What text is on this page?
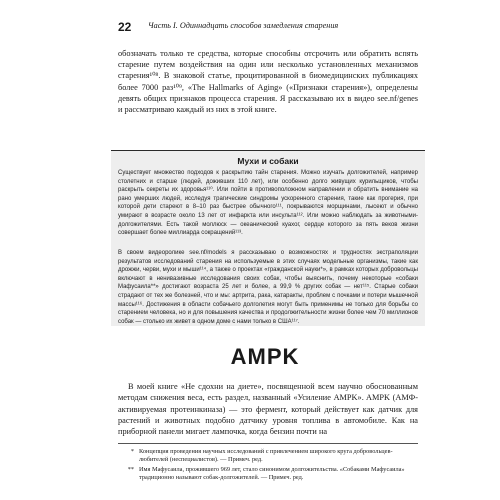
22 Часть I. Одиннадцать способов замедления старения

обозначать только те средства, которые способны отсрочить или обратить вспять старение путем воздействия на один или несколько установленных механизмов старения¹⁰⁸. В знаковой статье, процитированной в биомедицинских публикациях более 7000 раз¹⁰⁹, «The Hallmarks of Aging» («Признаки старения»), определены девять общих признаков процесса старения. Я рассказываю их в видео see.nf/genes и рассматриваю каждый из них в этой книге.

Мухи и собаки

Существует множество подходов к раскрытию тайн старения. Можно изучать долгожителей, например столетних и старше (людей, доживших 110 лет), или особенно долго живущих курильщиков, чтобы раскрыть секреты их здоровья¹¹⁰. Или пойти в противоположном направлении и обратить внимание на рано умерших людей, исследуя трагические синдромы ускоренного старения, такие как прогерия, при которой дети стареют в 8–10 раз быстрее обычного¹¹¹, покрываются морщинами, лысеют и обычно умирают в возрасте около 13 лет от инфаркта или инсульта¹¹². Или можно наблюдать за животными-долгожителями. Есть такой моллюск — океанический куахог, сердце которого за пять веков жизни совершает более миллиарда сокращений¹¹³.

В своем видеоролике see.nf/models я рассказываю о возможностях и трудностях экстраполяции результатов исследований старения на используемые в этих случаях модельные организмы, такие как дрожжи, черви, мухи и мыши¹¹⁴, а также о проектах «гражданской науки*», в рамках которых добровольцы включают в ненивазивные исследования своих собак, чтобы выяснить, почему некоторые «собаки Мафусаила**» достигают возраста 25 лет и более, а 99,9 % других собак — нет¹¹⁵. Старые собаки страдают от тех же болезней, что и мы: артрита, рака, катаракты, проблем с почками и потери мышечной массы¹¹⁶. Достижения в области собачьего долголетия могут быть применимы не только для борьбы со старением человека, но и для повышения качества и продолжительности жизни более чем 70 миллионов собак — столько их живет в одном доме с нами только в США¹¹⁷.

AMPK

В моей книге «Не сдохни на диете», посвященной всем научно обоснованным методам снижения веса, есть раздел, названный «Усиление AMPK». AMPK (АМФ-активируемая протеинкиназа) — это фермент, который действует как датчик для растений и животных подобно датчику уровня топлива в автомобиле. Как на приборной панели мигает лампочка, когда бензин почти на

* Концепция проведения научных исследований с привлечением широкого круга добровольцев-любителей (неспециалистов). — Примеч. ред.
** Имя Мафусаила, прожившего 969 лет, стало синонимом долгожительства. «Собаками Мафусаила» традиционно называют собак-долгожителей. — Примеч. ред.
